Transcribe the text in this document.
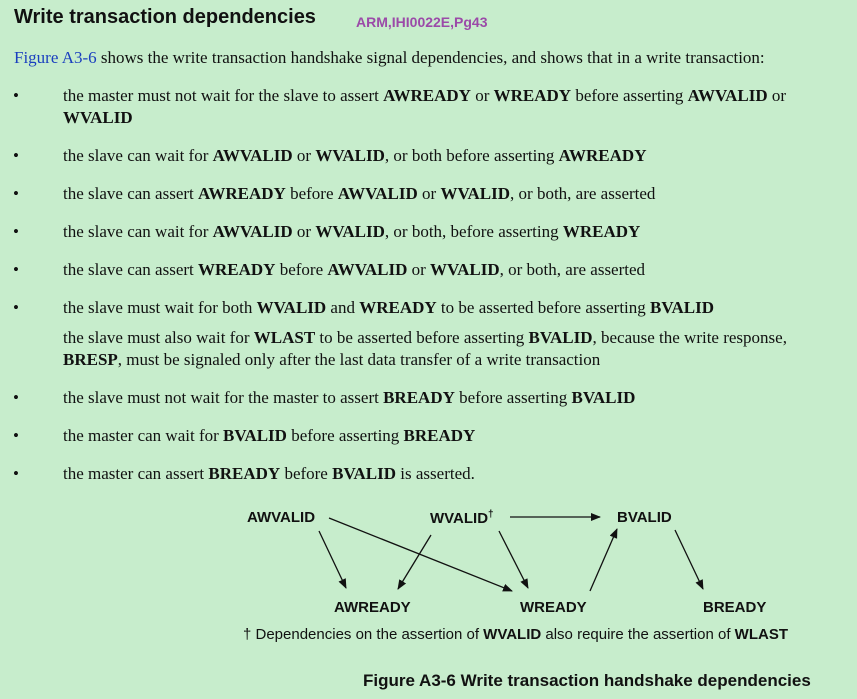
Write transaction dependencies	ARM,IHI0022E,Pg43
Figure A3-6 shows the write transaction handshake signal dependencies, and shows that in a write transaction:
•	the master must not wait for the slave to assert AWREADY or WREADY before asserting AWVALID or WVALID
•	the slave can wait for AWVALID or WVALID, or both before asserting AWREADY
•	the slave can assert AWREADY before AWVALID or WVALID, or both, are asserted
•	the slave can wait for AWVALID or WVALID, or both, before asserting WREADY
•	the slave can assert WREADY before AWVALID or WVALID, or both, are asserted
•	the slave must wait for both WVALID and WREADY to be asserted before asserting BVALID
the slave must also wait for WLAST to be asserted before asserting BVALID, because the write response, BRESP, must be signaled only after the last data transfer of a write transaction
•	the slave must not wait for the master to assert BREADY before asserting BVALID
•	the master can wait for BVALID before asserting BREADY
•	the master can assert BREADY before BVALID is asserted.
AWVALID	WVALID†	BVALID
AWREADY	WREADY	BREADY
† Dependencies on the assertion of WVALID also require the assertion of WLAST
Figure A3-6 Write transaction handshake dependencies
